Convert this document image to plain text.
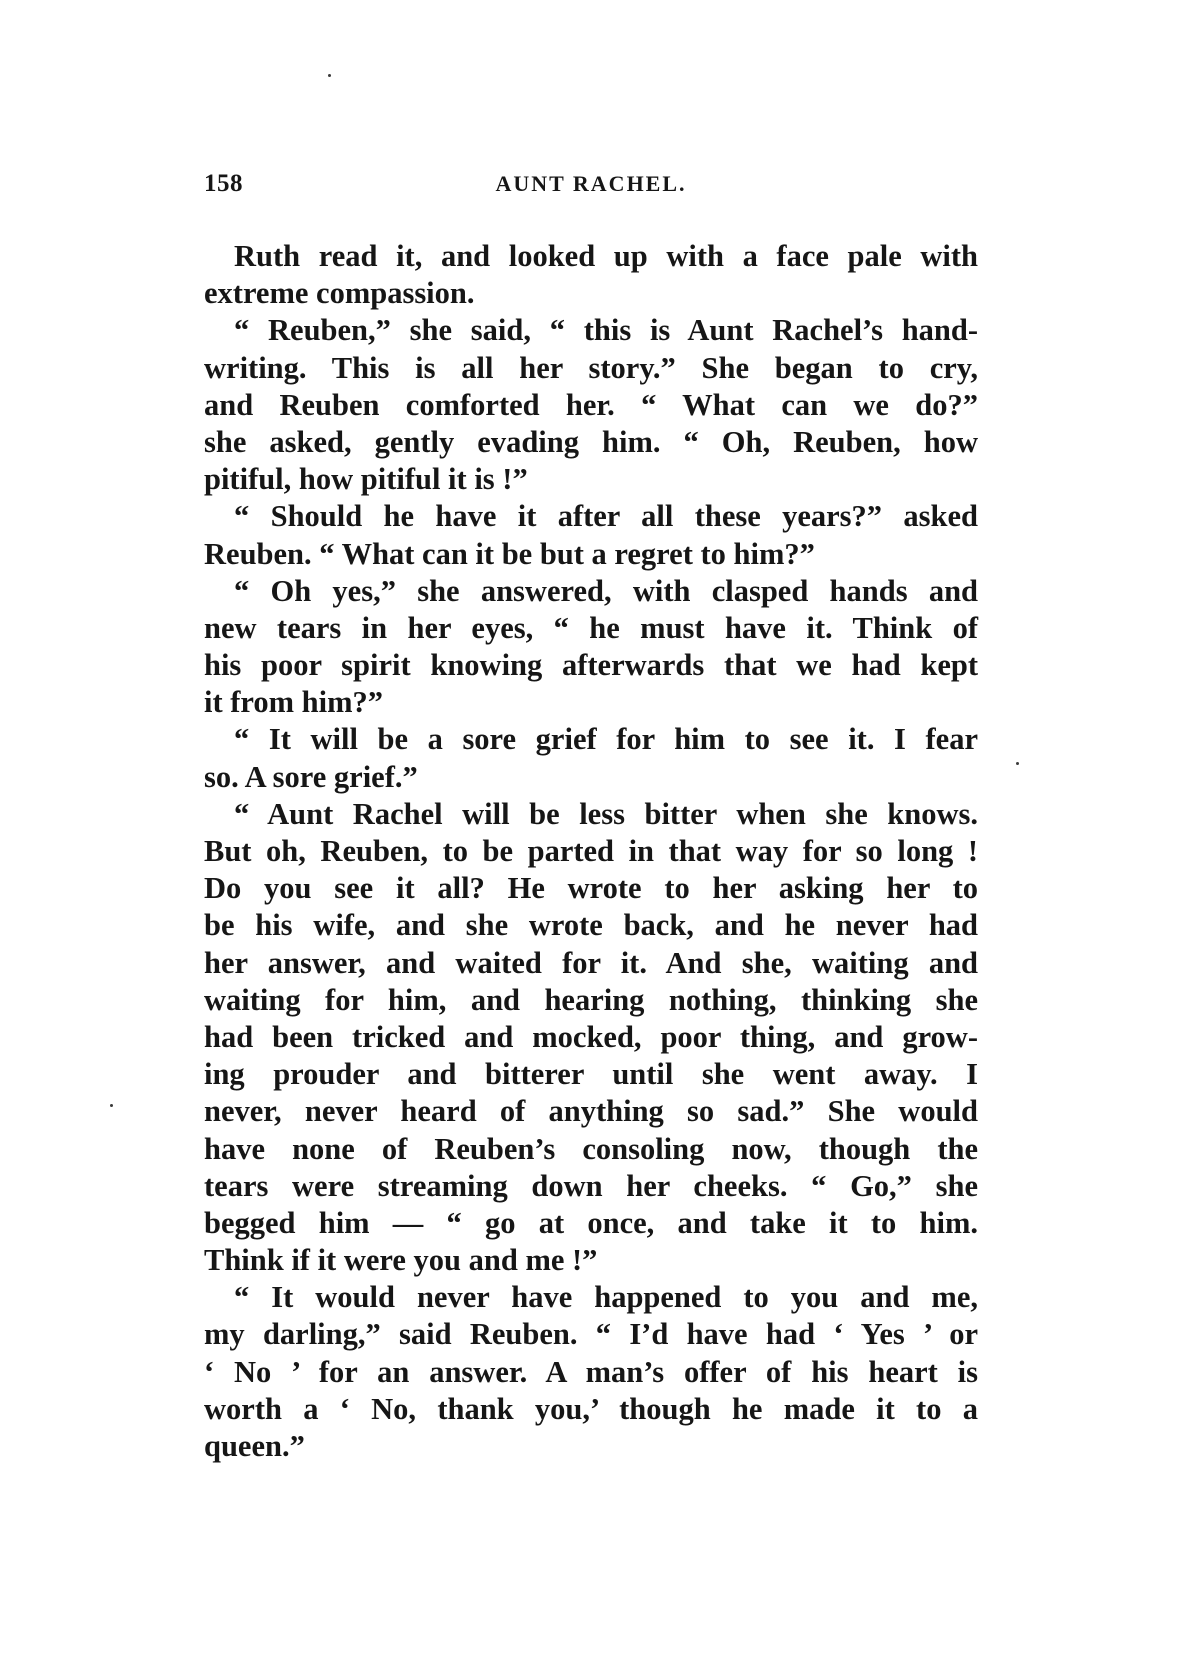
158	AUNT RACHEL.
Ruth read it, and looked up with a face pale with
extreme compassion.
“ Reuben,” she said, “ this is Aunt Rachel’s hand-
writing. This is all her story.” She began to cry,
and Reuben comforted her. “ What can we do?”
she asked, gently evading him. “ Oh, Reuben, how
pitiful, how pitiful it is !”
“ Should he have it after all these years?” asked
Reuben. “ What can it be but a regret to him?”
“ Oh yes,” she answered, with clasped hands and
new tears in her eyes, “ he must have it. Think of
his poor spirit knowing afterwards that we had kept
it from him?”
“ It will be a sore grief for him to see it. I fear
so. A sore grief.”
“ Aunt Rachel will be less bitter when she knows.
But oh, Reuben, to be parted in that way for so long !
Do you see it all? He wrote to her asking her to
be his wife, and she wrote back, and he never had
her answer, and waited for it. And she, waiting and
waiting for him, and hearing nothing, thinking she
had been tricked and mocked, poor thing, and grow-
ing prouder and bitterer until she went away. I
never, never heard of anything so sad.” She would
have none of Reuben’s consoling now, though the
tears were streaming down her cheeks. “ Go,” she
begged him — “ go at once, and take it to him.
Think if it were you and me !”
“ It would never have happened to you and me,
my darling,” said Reuben. “ I’d have had ‘ Yes ’ or
‘ No ’ for an answer. A man’s offer of his heart is
worth a ‘ No, thank you,’ though he made it to a
queen.”
